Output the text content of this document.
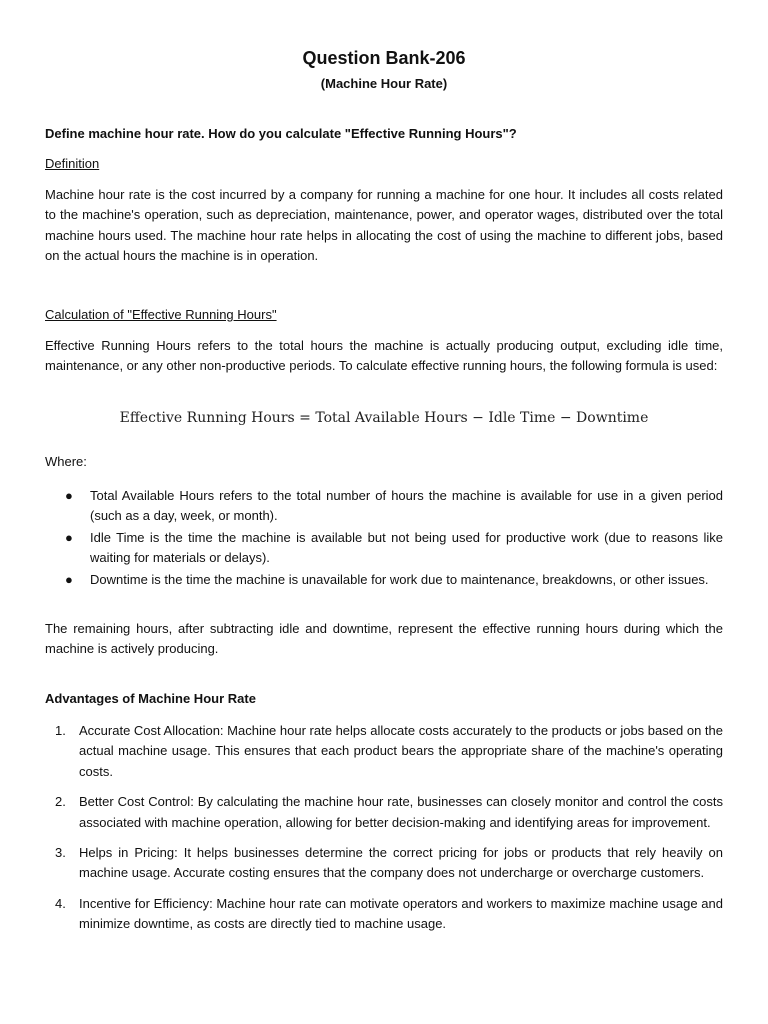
Question Bank-206
(Machine Hour Rate)
Define machine hour rate. How do you calculate "Effective Running Hours"?
Definition
Machine hour rate is the cost incurred by a company for running a machine for one hour. It includes all costs related to the machine's operation, such as depreciation, maintenance, power, and operator wages, distributed over the total machine hours used. The machine hour rate helps in allocating the cost of using the machine to different jobs, based on the actual hours the machine is in operation.
Calculation of "Effective Running Hours"
Effective Running Hours refers to the total hours the machine is actually producing output, excluding idle time, maintenance, or any other non-productive periods. To calculate effective running hours, the following formula is used:
Effective Running Hours = Total Available Hours − Idle Time − Downtime
Where:
● Total Available Hours refers to the total number of hours the machine is available for use in a given period (such as a day, week, or month).
● Idle Time is the time the machine is available but not being used for productive work (due to reasons like waiting for materials or delays).
● Downtime is the time the machine is unavailable for work due to maintenance, breakdowns, or other issues.
The remaining hours, after subtracting idle and downtime, represent the effective running hours during which the machine is actively producing.
Advantages of Machine Hour Rate
1. Accurate Cost Allocation: Machine hour rate helps allocate costs accurately to the products or jobs based on the actual machine usage. This ensures that each product bears the appropriate share of the machine's operating costs.
2. Better Cost Control: By calculating the machine hour rate, businesses can closely monitor and control the costs associated with machine operation, allowing for better decision-making and identifying areas for improvement.
3. Helps in Pricing: It helps businesses determine the correct pricing for jobs or products that rely heavily on machine usage. Accurate costing ensures that the company does not undercharge or overcharge customers.
4. Incentive for Efficiency: Machine hour rate can motivate operators and workers to maximize machine usage and minimize downtime, as costs are directly tied to machine usage.
